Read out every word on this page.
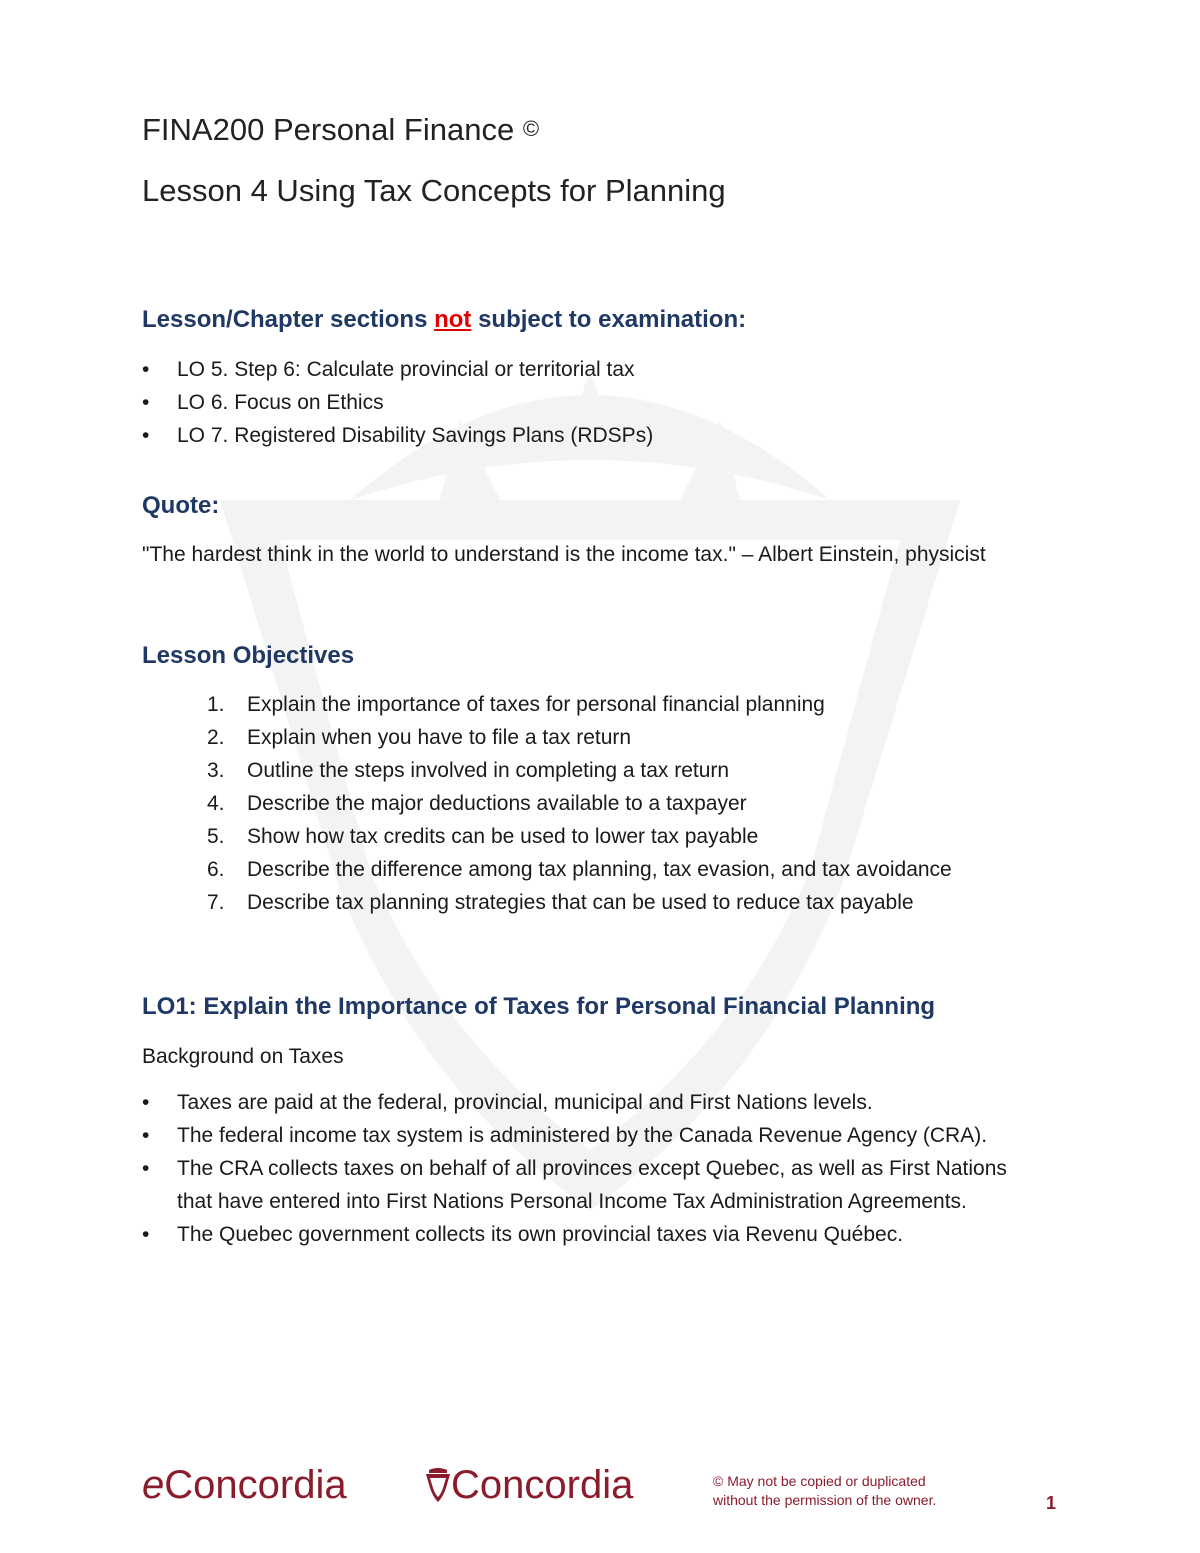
FINA200 Personal Finance ©
Lesson 4 Using Tax Concepts for Planning
Lesson/Chapter sections not subject to examination:
• LO 5. Step 6: Calculate provincial or territorial tax
• LO 6. Focus on Ethics
• LO 7. Registered Disability Savings Plans (RDSPs)
Quote:
"The hardest think in the world to understand is the income tax." – Albert Einstein, physicist
Lesson Objectives
1. Explain the importance of taxes for personal financial planning
2. Explain when you have to file a tax return
3. Outline the steps involved in completing a tax return
4. Describe the major deductions available to a taxpayer
5. Show how tax credits can be used to lower tax payable
6. Describe the difference among tax planning, tax evasion, and tax avoidance
7. Describe tax planning strategies that can be used to reduce tax payable
LO1: Explain the Importance of Taxes for Personal Financial Planning
Background on Taxes
• Taxes are paid at the federal, provincial, municipal and First Nations levels.
• The federal income tax system is administered by the Canada Revenue Agency (CRA).
• The CRA collects taxes on behalf of all provinces except Quebec, as well as First Nations that have entered into First Nations Personal Income Tax Administration Agreements.
• The Quebec government collects its own provincial taxes via Revenu Québec.
eConcordia	Concordia	© May not be copied or duplicated
without the permission of the owner.	1
